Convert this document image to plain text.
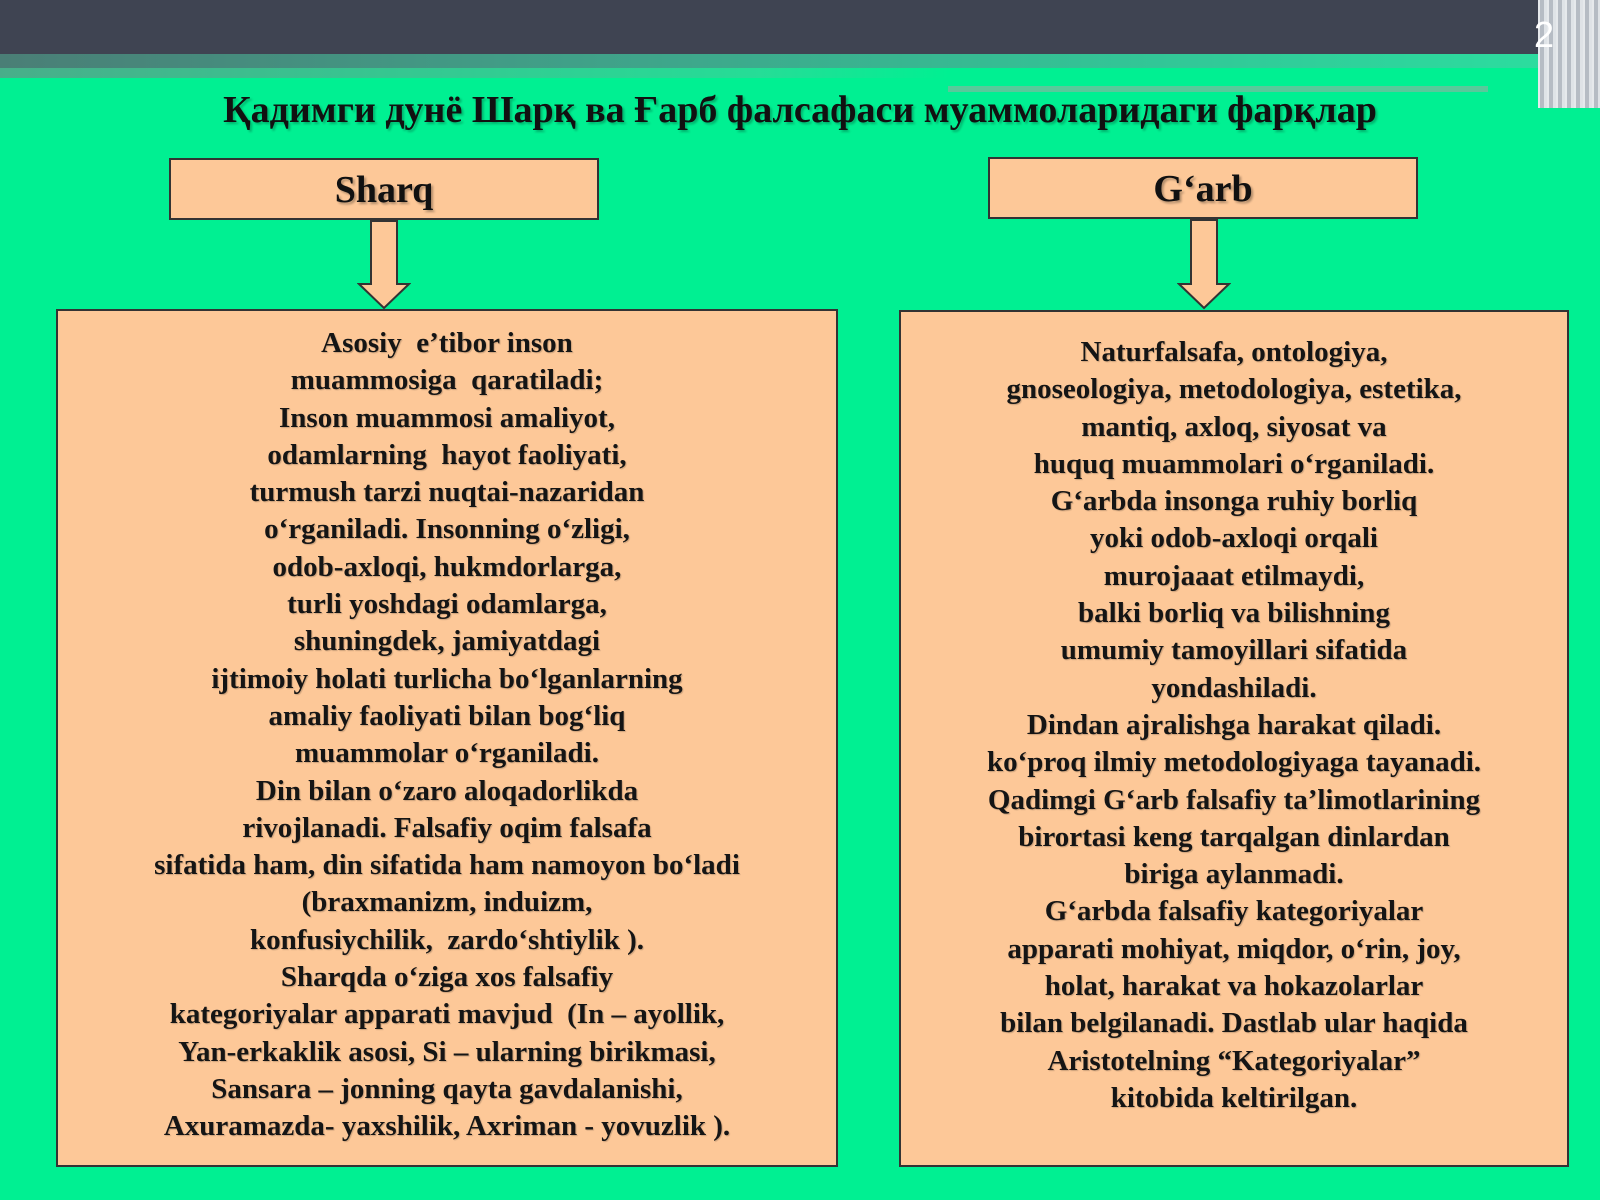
2
Қадимги дунё Шарқ ва Ғарб фалсафаси муаммоларидаги фарқлар
Sharq
Asosiy  e’tibor inson
muammosiga  qaratiladi;
Inson muammosi amaliyot,
odamlarning  hayot faoliyati,
turmush tarzi nuqtai-nazaridan
o‘rganiladi. Insonning o‘zligi,
odob-axloqi, hukmdorlarga,
turli yoshdagi odamlarga,
shuningdek, jamiyatdagi
ijtimoiy holati turlicha bo‘lganlarning
amaliy faoliyati bilan bog‘liq
muammolar o‘rganiladi.
Din bilan o‘zaro aloqadorlikda
rivojlanadi. Falsafiy oqim falsafa
sifatida ham, din sifatida ham namoyon bo‘ladi
(braxmanizm, induizm,
konfusiychilik,  zardo‘shtiylik ).
Sharqda o‘ziga xos falsafiy
kategoriyalar apparati mavjud  (In – ayollik,
Yan-erkaklik asosi, Si – ularning birikmasi,
Sansara – jonning qayta gavdalanishi,
Axuramazda- yaxshilik, Axriman - yovuzlik ).
G‘arb
Naturfalsafa, ontologiya,
gnoseologiya, metodologiya, estetika,
mantiq, axloq, siyosat va
huquq muammolari o‘rganiladi.
G‘arbda insonga ruhiy borliq
yoki odob-axloqi orqali
murojaaat etilmaydi,
balki borliq va bilishning
umumiy tamoyillari sifatida
yondashiladi.
Dindan ajralishga harakat qiladi.
ko‘proq ilmiy metodologiyaga tayanadi.
Qadimgi G‘arb falsafiy ta’limotlarining
birortasi keng tarqalgan dinlardan
biriga aylanmadi.
G‘arbda falsafiy kategoriyalar
apparati mohiyat, miqdor, o‘rin, joy,
holat, harakat va hokazolarlar
bilan belgilanadi. Dastlab ular haqida
Aristotelning “Kategoriyalar”
kitobida keltirilgan.
